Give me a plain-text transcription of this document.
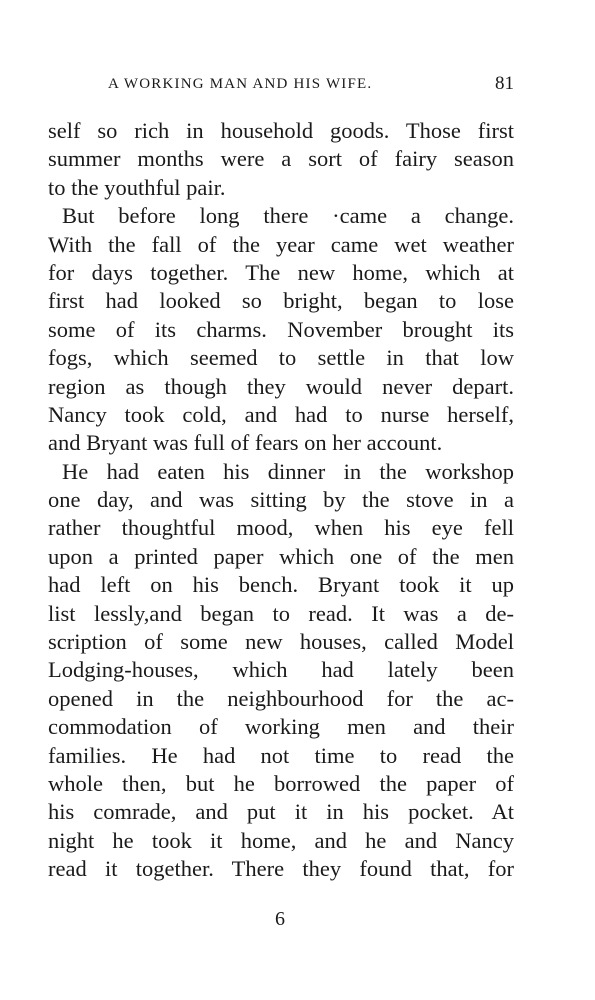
A WORKING MAN AND HIS WIFE.	81
self so rich in household goods. Those first
summer months were a sort of fairy season
to the youthful pair.
But before long there ·came a change.
With the fall of the year came wet weather
for days together. The new home, which at
first had looked so bright, began to lose
some of its charms. November brought its
fogs, which seemed to settle in that low
region as though they would never depart.
Nancy took cold, and had to nurse herself,
and Bryant was full of fears on her account.
He had eaten his dinner in the workshop
one day, and was sitting by the stove in a
rather thoughtful mood, when his eye fell
upon a printed paper which one of the men
had left on his bench. Bryant took it up
list lessly,and began to read. It was a de-
scription of some new houses, called Model
Lodging-houses, which had lately been
opened in the neighbourhood for the ac-
commodation of working men and their
families. He had not time to read the
whole then, but he borrowed the paper of
his comrade, and put it in his pocket. At
night he took it home, and he and Nancy
read it together. There they found that, for
6
